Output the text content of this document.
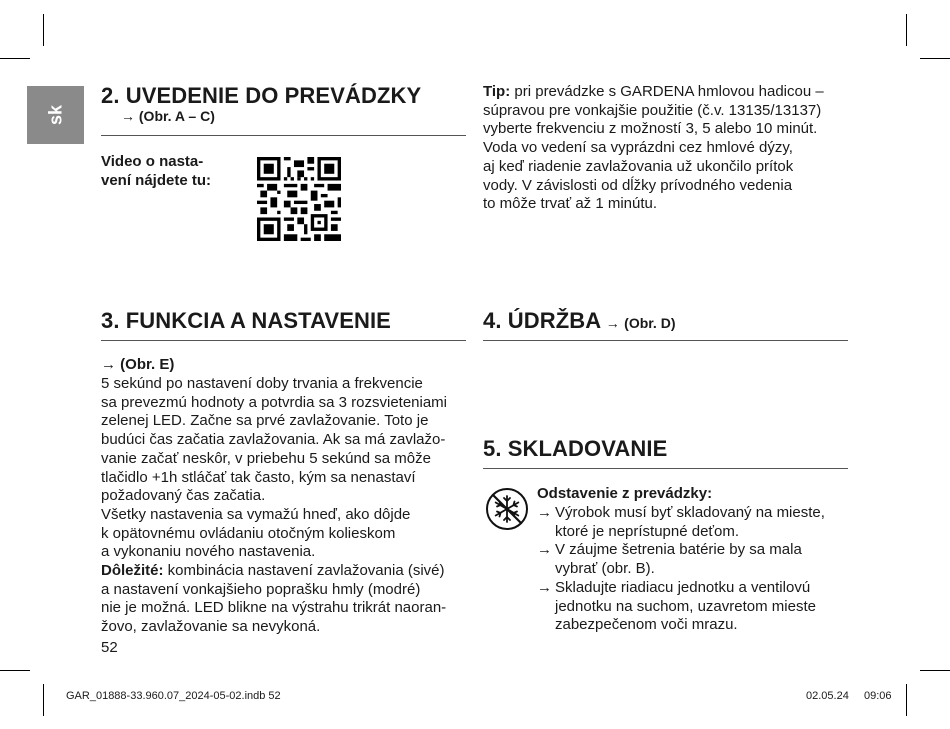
sk
2. UVEDENIE DO PREVÁDZKY
→ (Obr. A – C)
Video o nasta-
vení nájdete tu:
Tip: pri prevádzke s GARDENA hmlovou hadicou –
súpravou pre vonkajšie použitie (č.v. 13135/13137)
vyberte frekvenciu z možností 3, 5 alebo 10 minút.
Voda vo vedení sa vyprázdni cez hmlové dýzy,
aj keď riadenie zavlažovania už ukončilo prítok
vody. V závislosti od dĺžky prívodného vedenia
to môže trvať až 1 minútu.
3. FUNKCIA A NASTAVENIE
→ (Obr. E)
5 sekúnd po nastavení doby trvania a frekvencie
sa prevezmú hodnoty a potvrdia sa 3 rozsvieteniami
zelenej LED. Začne sa prvé zavlažovanie. Toto je
budúci čas začatia zavlažovania. Ak sa má zavlažo-
vanie začať neskôr, v priebehu 5 sekúnd sa môže
tlačidlo +1h stláčať tak často, kým sa nenastaví
požadovaný čas začatia.
Všetky nastavenia sa vymažú hneď, ako dôjde
k opätovnému ovládaniu otočným kolieskom
a vykonaniu nového nastavenia.
Dôležité: kombinácia nastavení zavlažovania (sivé)
a nastavení vonkajšieho poprašku hmly (modré)
nie je možná. LED blikne na výstrahu trikrát naoran-
žovo, zavlažovanie sa nevykoná.
4. ÚDRŽBA → (Obr. D)
5. SKLADOVANIE
Odstavenie z prevádzky:
→ Výrobok musí byť skladovaný na mieste,
ktoré je neprístupné deťom.
→ V záujme šetrenia batérie by sa mala
vybrať (obr. B).
→ Skladujte riadiacu jednotku a ventilovú
jednotku na suchom, uzavretom mieste
zabezpečenom voči mrazu.
52
GAR_01888-33.960.07_2024-05-02.indb 52	02.05.24 09:06
